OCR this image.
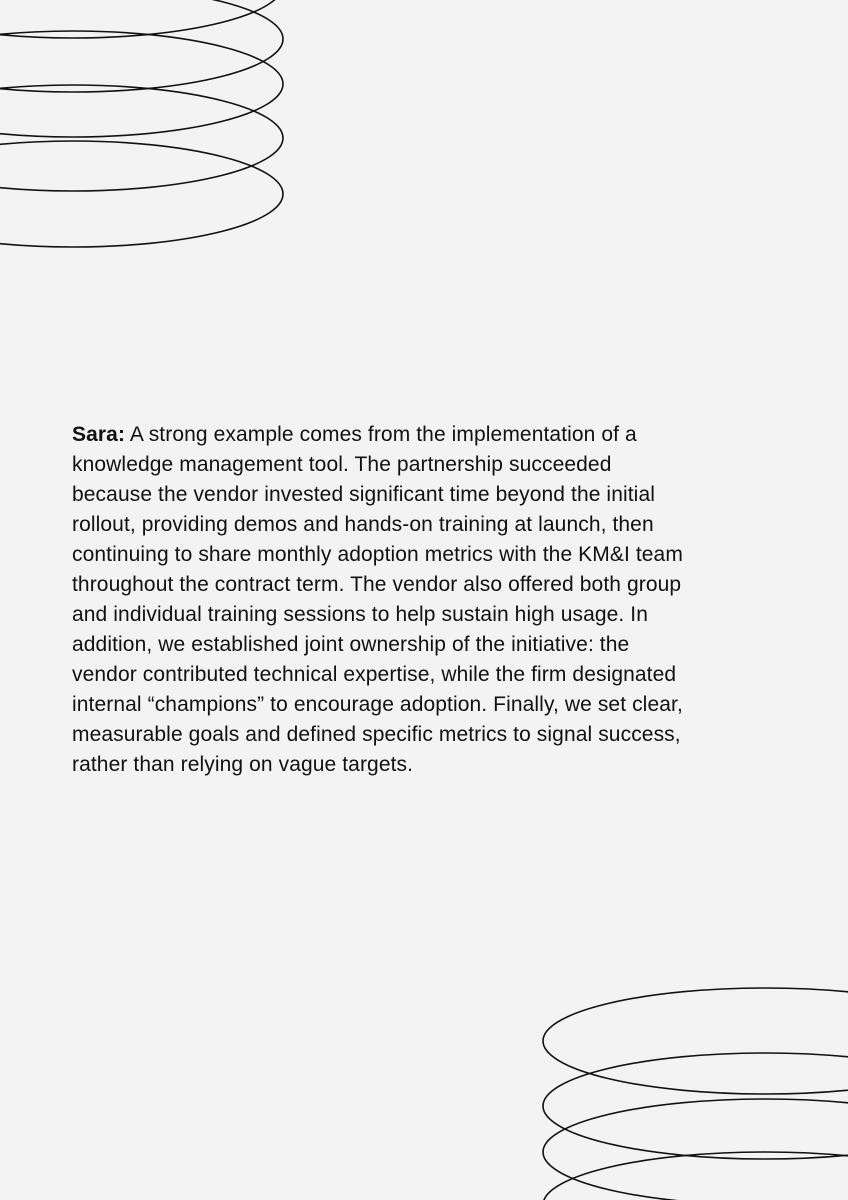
Sara: A strong example comes from the implementation of a
knowledge management tool. The partnership succeeded
because the vendor invested significant time beyond the initial
rollout, providing demos and hands-on training at launch, then
continuing to share monthly adoption metrics with the KM&I team
throughout the contract term. The vendor also offered both group
and individual training sessions to help sustain high usage. In
addition, we established joint ownership of the initiative: the
vendor contributed technical expertise, while the firm designated
internal “champions” to encourage adoption. Finally, we set clear,
measurable goals and defined specific metrics to signal success,
rather than relying on vague targets.
